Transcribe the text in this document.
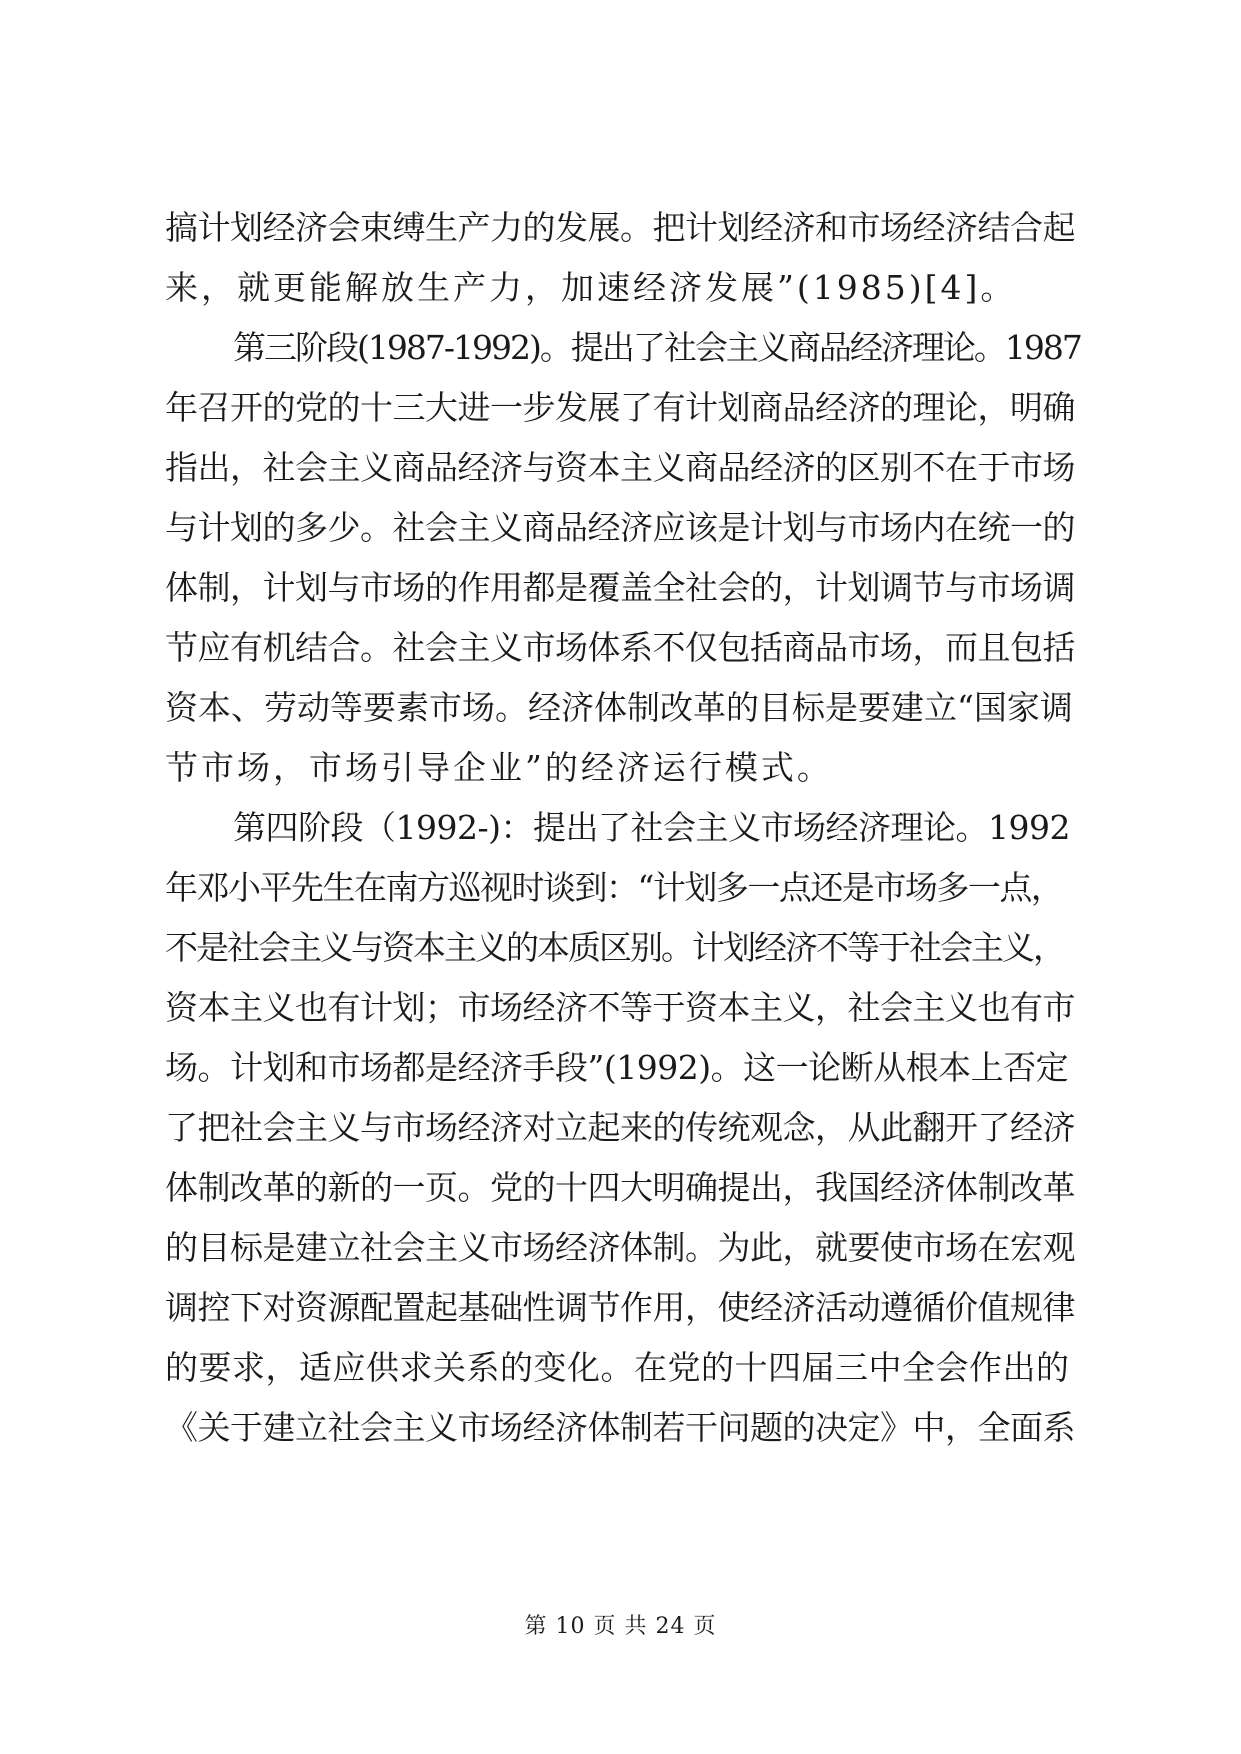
搞计划经济会束缚生产力的发展。把计划经济和市场经济结合起
来，就更能解放生产力，加速经济发展”(1985)[4]。
第三阶段(1987-1992)。提出了社会主义商品经济理论。1987
年召开的党的十三大进一步发展了有计划商品经济的理论，明确
指出，社会主义商品经济与资本主义商品经济的区别不在于市场
与计划的多少。社会主义商品经济应该是计划与市场内在统一的
体制，计划与市场的作用都是覆盖全社会的，计划调节与市场调
节应有机结合。社会主义市场体系不仅包括商品市场，而且包括
资本、劳动等要素市场。经济体制改革的目标是要建立“国家调
节市场，市场引导企业”的经济运行模式。
第四阶段（1992-)：提出了社会主义市场经济理论。1992
年邓小平先生在南方巡视时谈到：“计划多一点还是市场多一点，
不是社会主义与资本主义的本质区别。计划经济不等于社会主义，
资本主义也有计划；市场经济不等于资本主义，社会主义也有市
场。计划和市场都是经济手段”(1992)。这一论断从根本上否定
了把社会主义与市场经济对立起来的传统观念，从此翻开了经济
体制改革的新的一页。党的十四大明确提出，我国经济体制改革
的目标是建立社会主义市场经济体制。为此，就要使市场在宏观
调控下对资源配置起基础性调节作用，使经济活动遵循价值规律
的要求，适应供求关系的变化。在党的十四届三中全会作出的
《关于建立社会主义市场经济体制若干问题的决定》中，全面系
第 10 页 共 24 页
